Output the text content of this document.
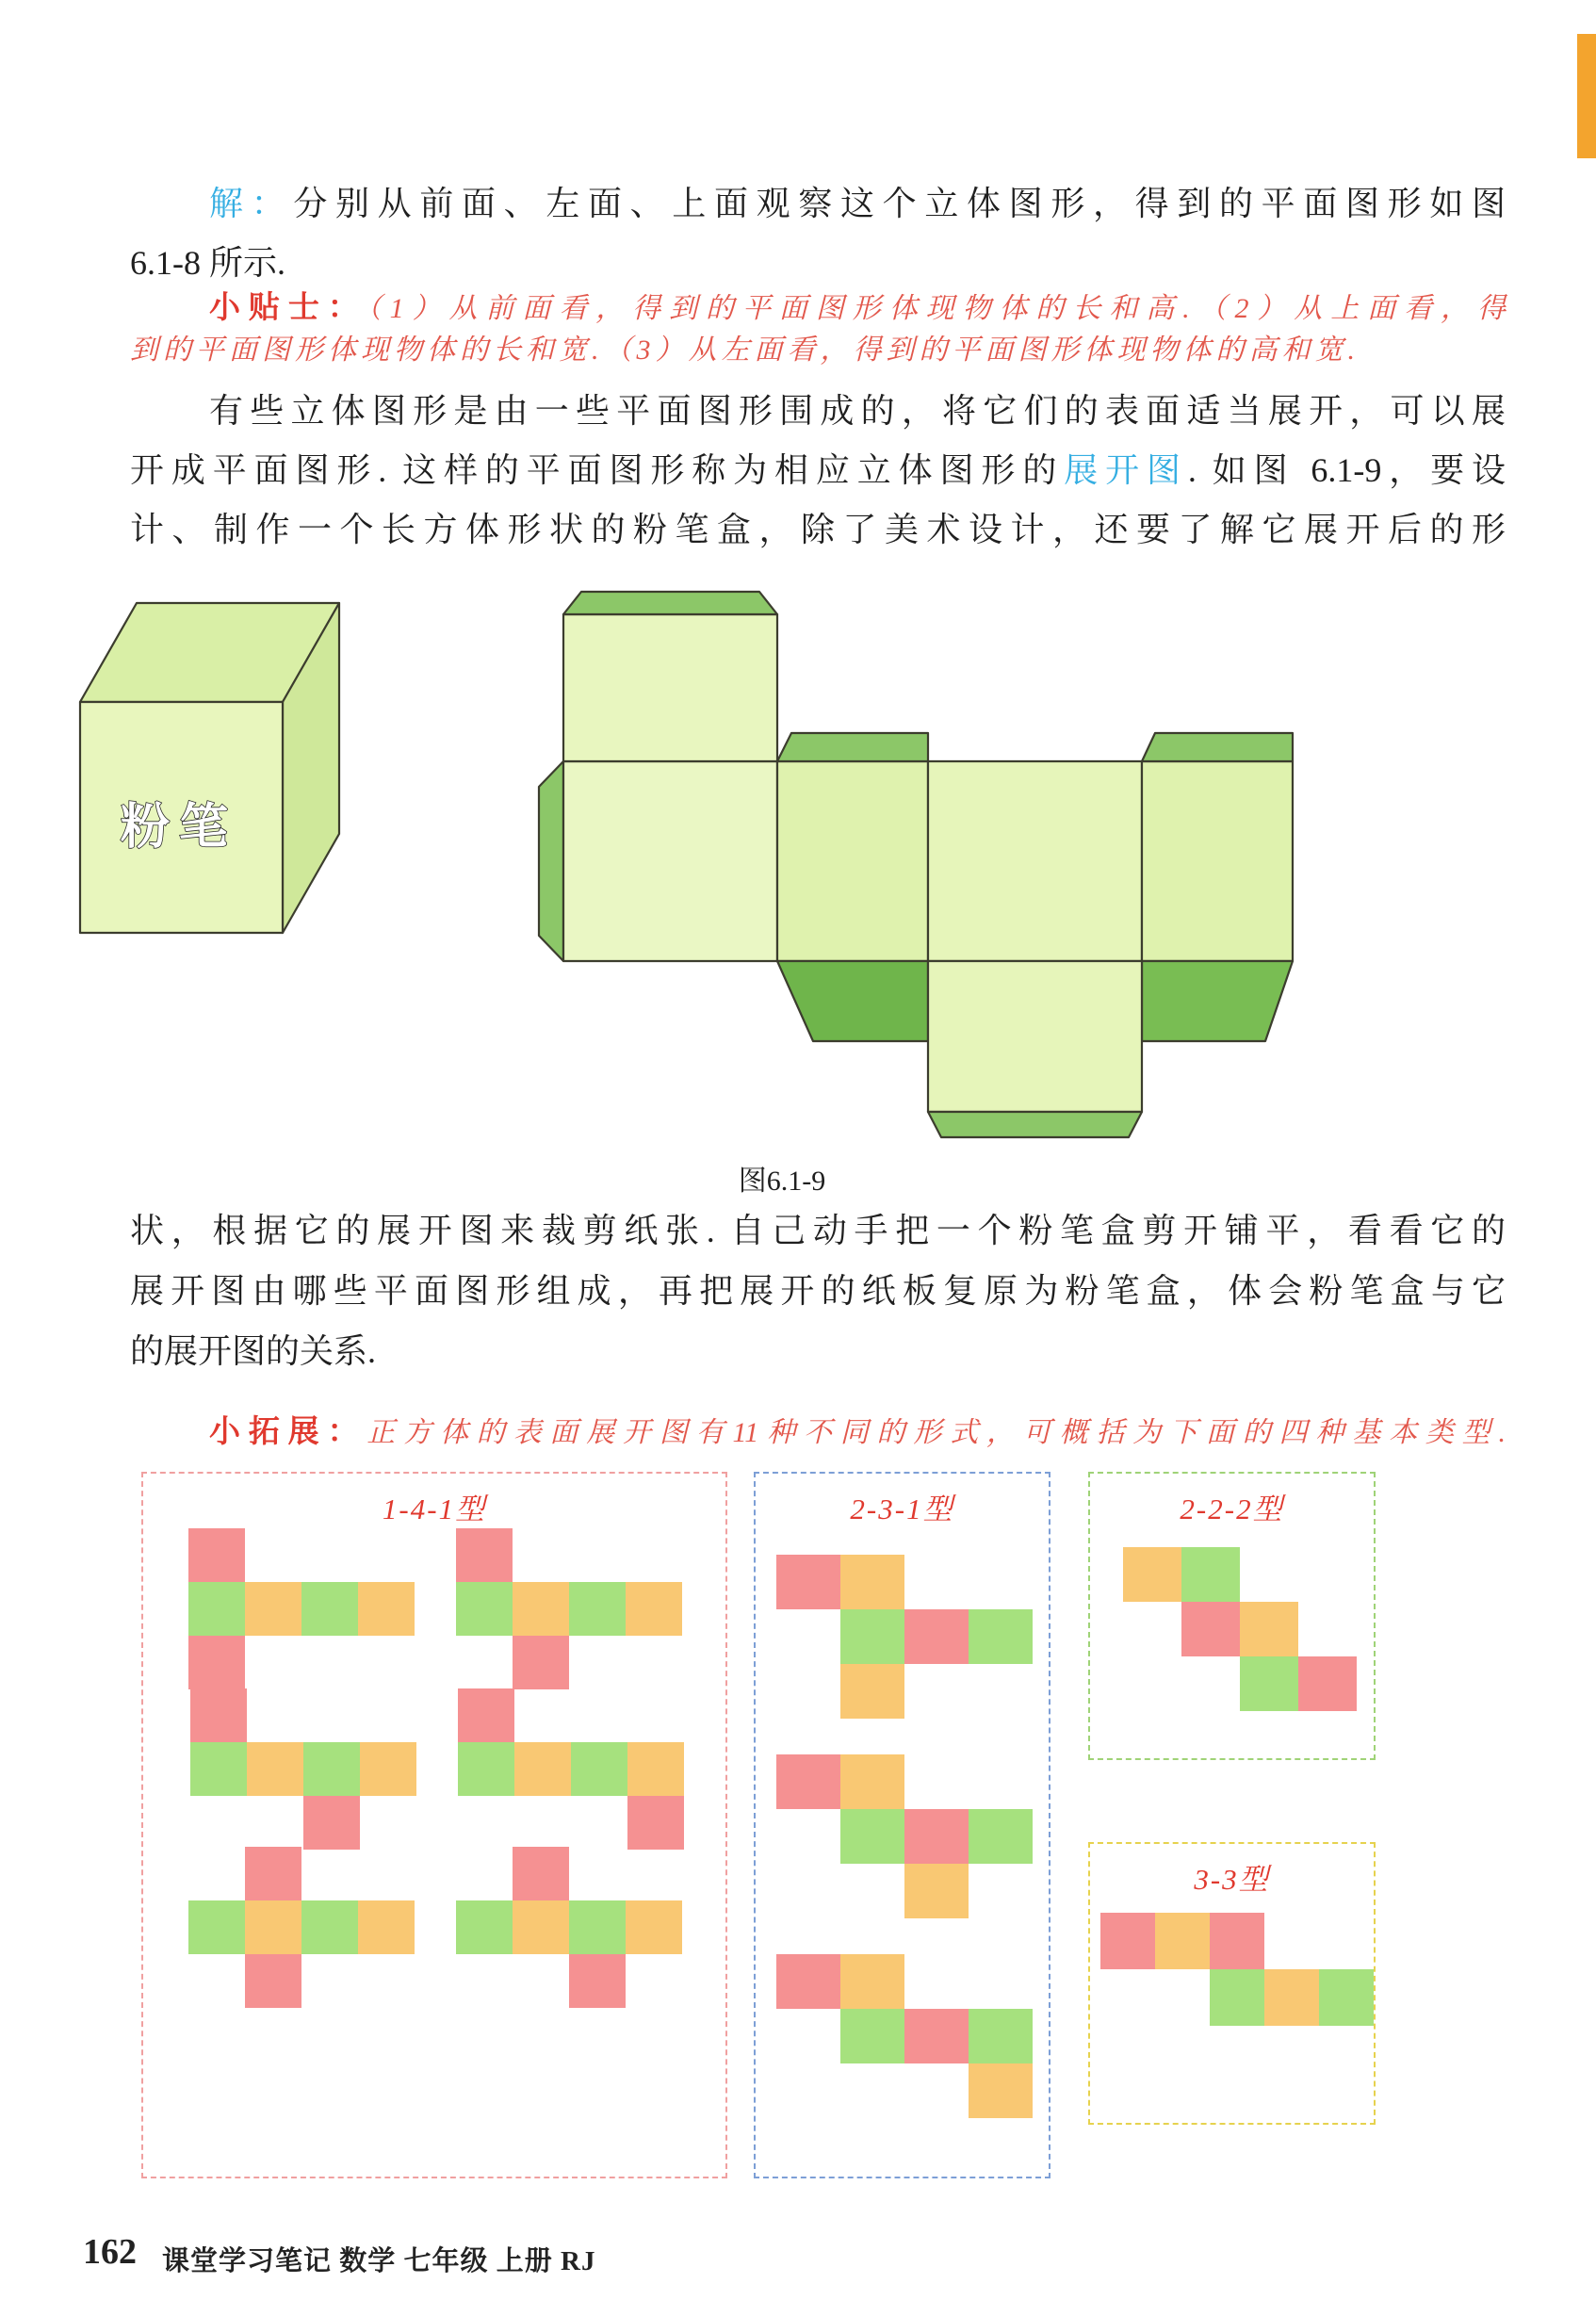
解：分别从前面、左面、上面观察这个立体图形，得到的平面图形如图
6.1-8 所示.
小贴士：（1）从前面看，得到的平面图形体现物体的长和高.（2）从上面看，得
到的平面图形体现物体的长和宽.（3）从左面看，得到的平面图形体现物体的高和宽.
有些立体图形是由一些平面图形围成的，将它们的表面适当展开，可以展
开成平面图形. 这样的平面图形称为相应立体图形的展开图. 如图 6.1-9，要设
计、制作一个长方体形状的粉笔盒，除了美术设计，还要了解它展开后的形
粉笔
图6.1-9
状，根据它的展开图来裁剪纸张. 自己动手把一个粉笔盒剪开铺平，看看它的
展开图由哪些平面图形组成，再把展开的纸板复原为粉笔盒，体会粉笔盒与它
的展开图的关系.
小拓展：正方体的表面展开图有11种不同的形式，可概括为下面的四种基本类型.
1-4-1型	2-3-1型	2-2-2型
3-3型
162 课堂学习笔记 数学 七年级 上册 RJ
